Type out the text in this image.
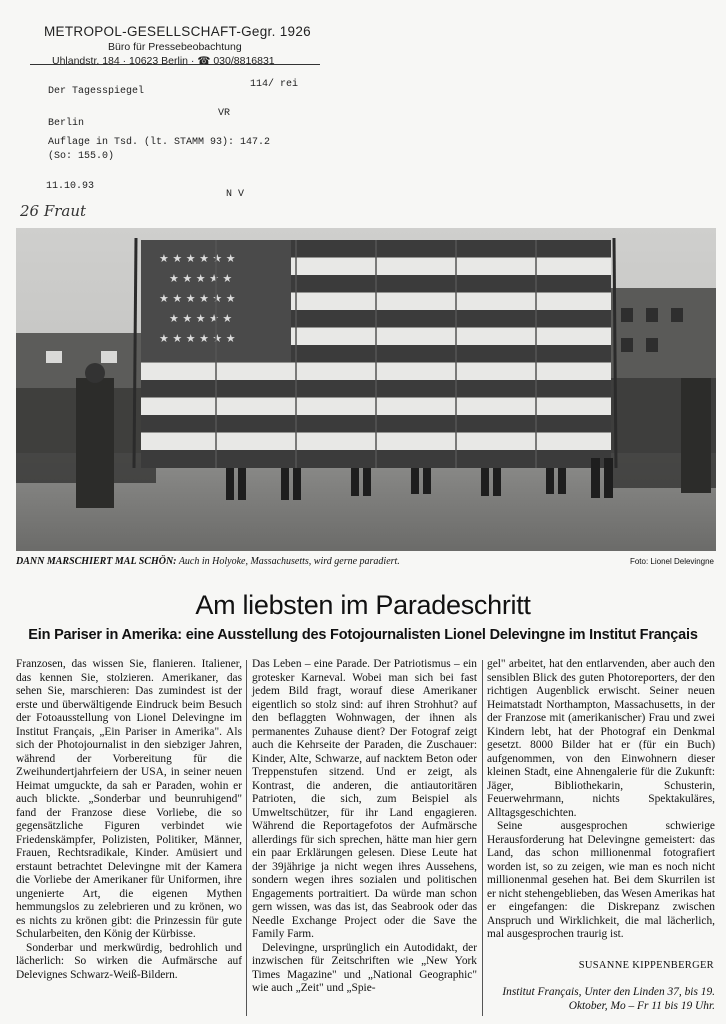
METROPOL-GESELLSCHAFT-Gegr. 1926
Büro für Pressebeobachtung
Uhlandstr. 184 · 10623 Berlin · ☎ 030/8816831
114/ rei
Der Tagesspiegel
VR
Berlin
Auflage in Tsd. (lt. STAMM 93): 147.2
(So: 155.0)
11.10.93
N V
26 Fraut
★ ★ ★ ★ ★ ★
★ ★ ★ ★ ★
★ ★ ★ ★ ★ ★
★ ★ ★ ★ ★
★ ★ ★ ★ ★ ★
DANN MARSCHIERT MAL SCHÖN: Auch in Holyoke, Massachusetts, wird gerne paradiert.	Foto: Lionel Delevingne
Am liebsten im Paradeschritt
Ein Pariser in Amerika: eine Ausstellung des Fotojournalisten Lionel Delevingne im Institut Français

Franzosen, das wissen Sie, flanieren. Italiener, das kennen Sie, stolzieren. Amerikaner, das sehen Sie, marschieren: Das zumindest ist der erste und überwältigende Eindruck beim Besuch der Fotoausstellung von Lionel Delevingne im Institut Français, „Ein Pariser in Amerika". Als sich der Photojournalist in den siebziger Jahren, während der Vorbereitung für die Zweihundertjahrfeiern der USA, in seiner neuen Heimat umguckte, da sah er Paraden, wohin er auch blickte. „Sonderbar und beunruhigend" fand der Franzose diese Vorliebe, die so gegensätzliche Figuren verbindet wie Friedenskämpfer, Polizisten, Politiker, Männer, Frauen, Rechtsradikale, Kinder. Amüsiert und erstaunt betrachtet Delevingne mit der Kamera die Vorliebe der Amerikaner für Uniformen, ihre ungenierte Art, die eigenen Mythen hemmungslos zu zelebrieren und zu krönen, wo es nichts zu krönen gibt: die Prinzessin für gute Schularbeiten, den König der Kürbisse.

Sonderbar und merkwürdig, bedrohlich und lächerlich: So wirken die Aufmärsche auf Delevignes Schwarz-Weiß-Bildern.

Das Leben – eine Parade. Der Patriotismus – ein grotesker Karneval. Wobei man sich bei fast jedem Bild fragt, worauf diese Amerikaner eigentlich so stolz sind: auf ihren Strohhut? auf den beflaggten Wohnwagen, der ihnen als permanentes Zuhause dient? Der Fotograf zeigt auch die Kehrseite der Paraden, die Zuschauer: Kinder, Alte, Schwarze, auf nacktem Beton oder Treppenstufen sitzend. Und er zeigt, als Kontrast, die anderen, die antiautoritären Patrioten, die sich, zum Beispiel als Umweltschützer, für ihr Land engagieren. Während die Reportagefotos der Aufmärsche allerdings für sich sprechen, hätte man hier gern ein paar Erklärungen gelesen. Diese Leute hat der 39jährige ja nicht wegen ihres Aussehens, sondern wegen ihres sozialen und politischen Engagements portraitiert. Da würde man schon gern wissen, was das ist, das Seabrook oder das Needle Exchange Project oder die Save the Family Farm.

Delevingne, ursprünglich ein Autodidakt, der inzwischen für Zeitschriften wie „New York Times Magazine" und „National Geographic" wie auch „Zeit" und „Spie-

gel" arbeitet, hat den entlarvenden, aber auch den sensiblen Blick des guten Photoreporters, der den richtigen Augenblick erwischt. Seiner neuen Heimatstadt Northampton, Massachusetts, in der der Franzose mit (amerikanischer) Frau und zwei Kindern lebt, hat der Photograf ein Denkmal gesetzt. 8000 Bilder hat er (für ein Buch) aufgenommen, von den Einwohnern dieser kleinen Stadt, eine Ahnengalerie für die Zukunft: Jäger, Bibliothekarin, Schusterin, Feuerwehrmann, nichts Spektakuläres, Alltagsgeschichten.

Seine ausgesprochen schwierige Herausforderung hat Delevingne gemeistert: das Land, das schon millionenmal fotografiert worden ist, so zu zeigen, wie man es noch nicht millionenmal gesehen hat. Bei dem Skurrilen ist er nicht stehengeblieben, das Wesen Amerikas hat er eingefangen: die Diskrepanz zwischen Anspruch und Wirklichkeit, die mal lächerlich, mal ausgesprochen traurig ist.

SUSANNE KIPPENBERGER
Institut Français, Unter den Linden 37, bis 19. Oktober, Mo – Fr 11 bis 19 Uhr.
